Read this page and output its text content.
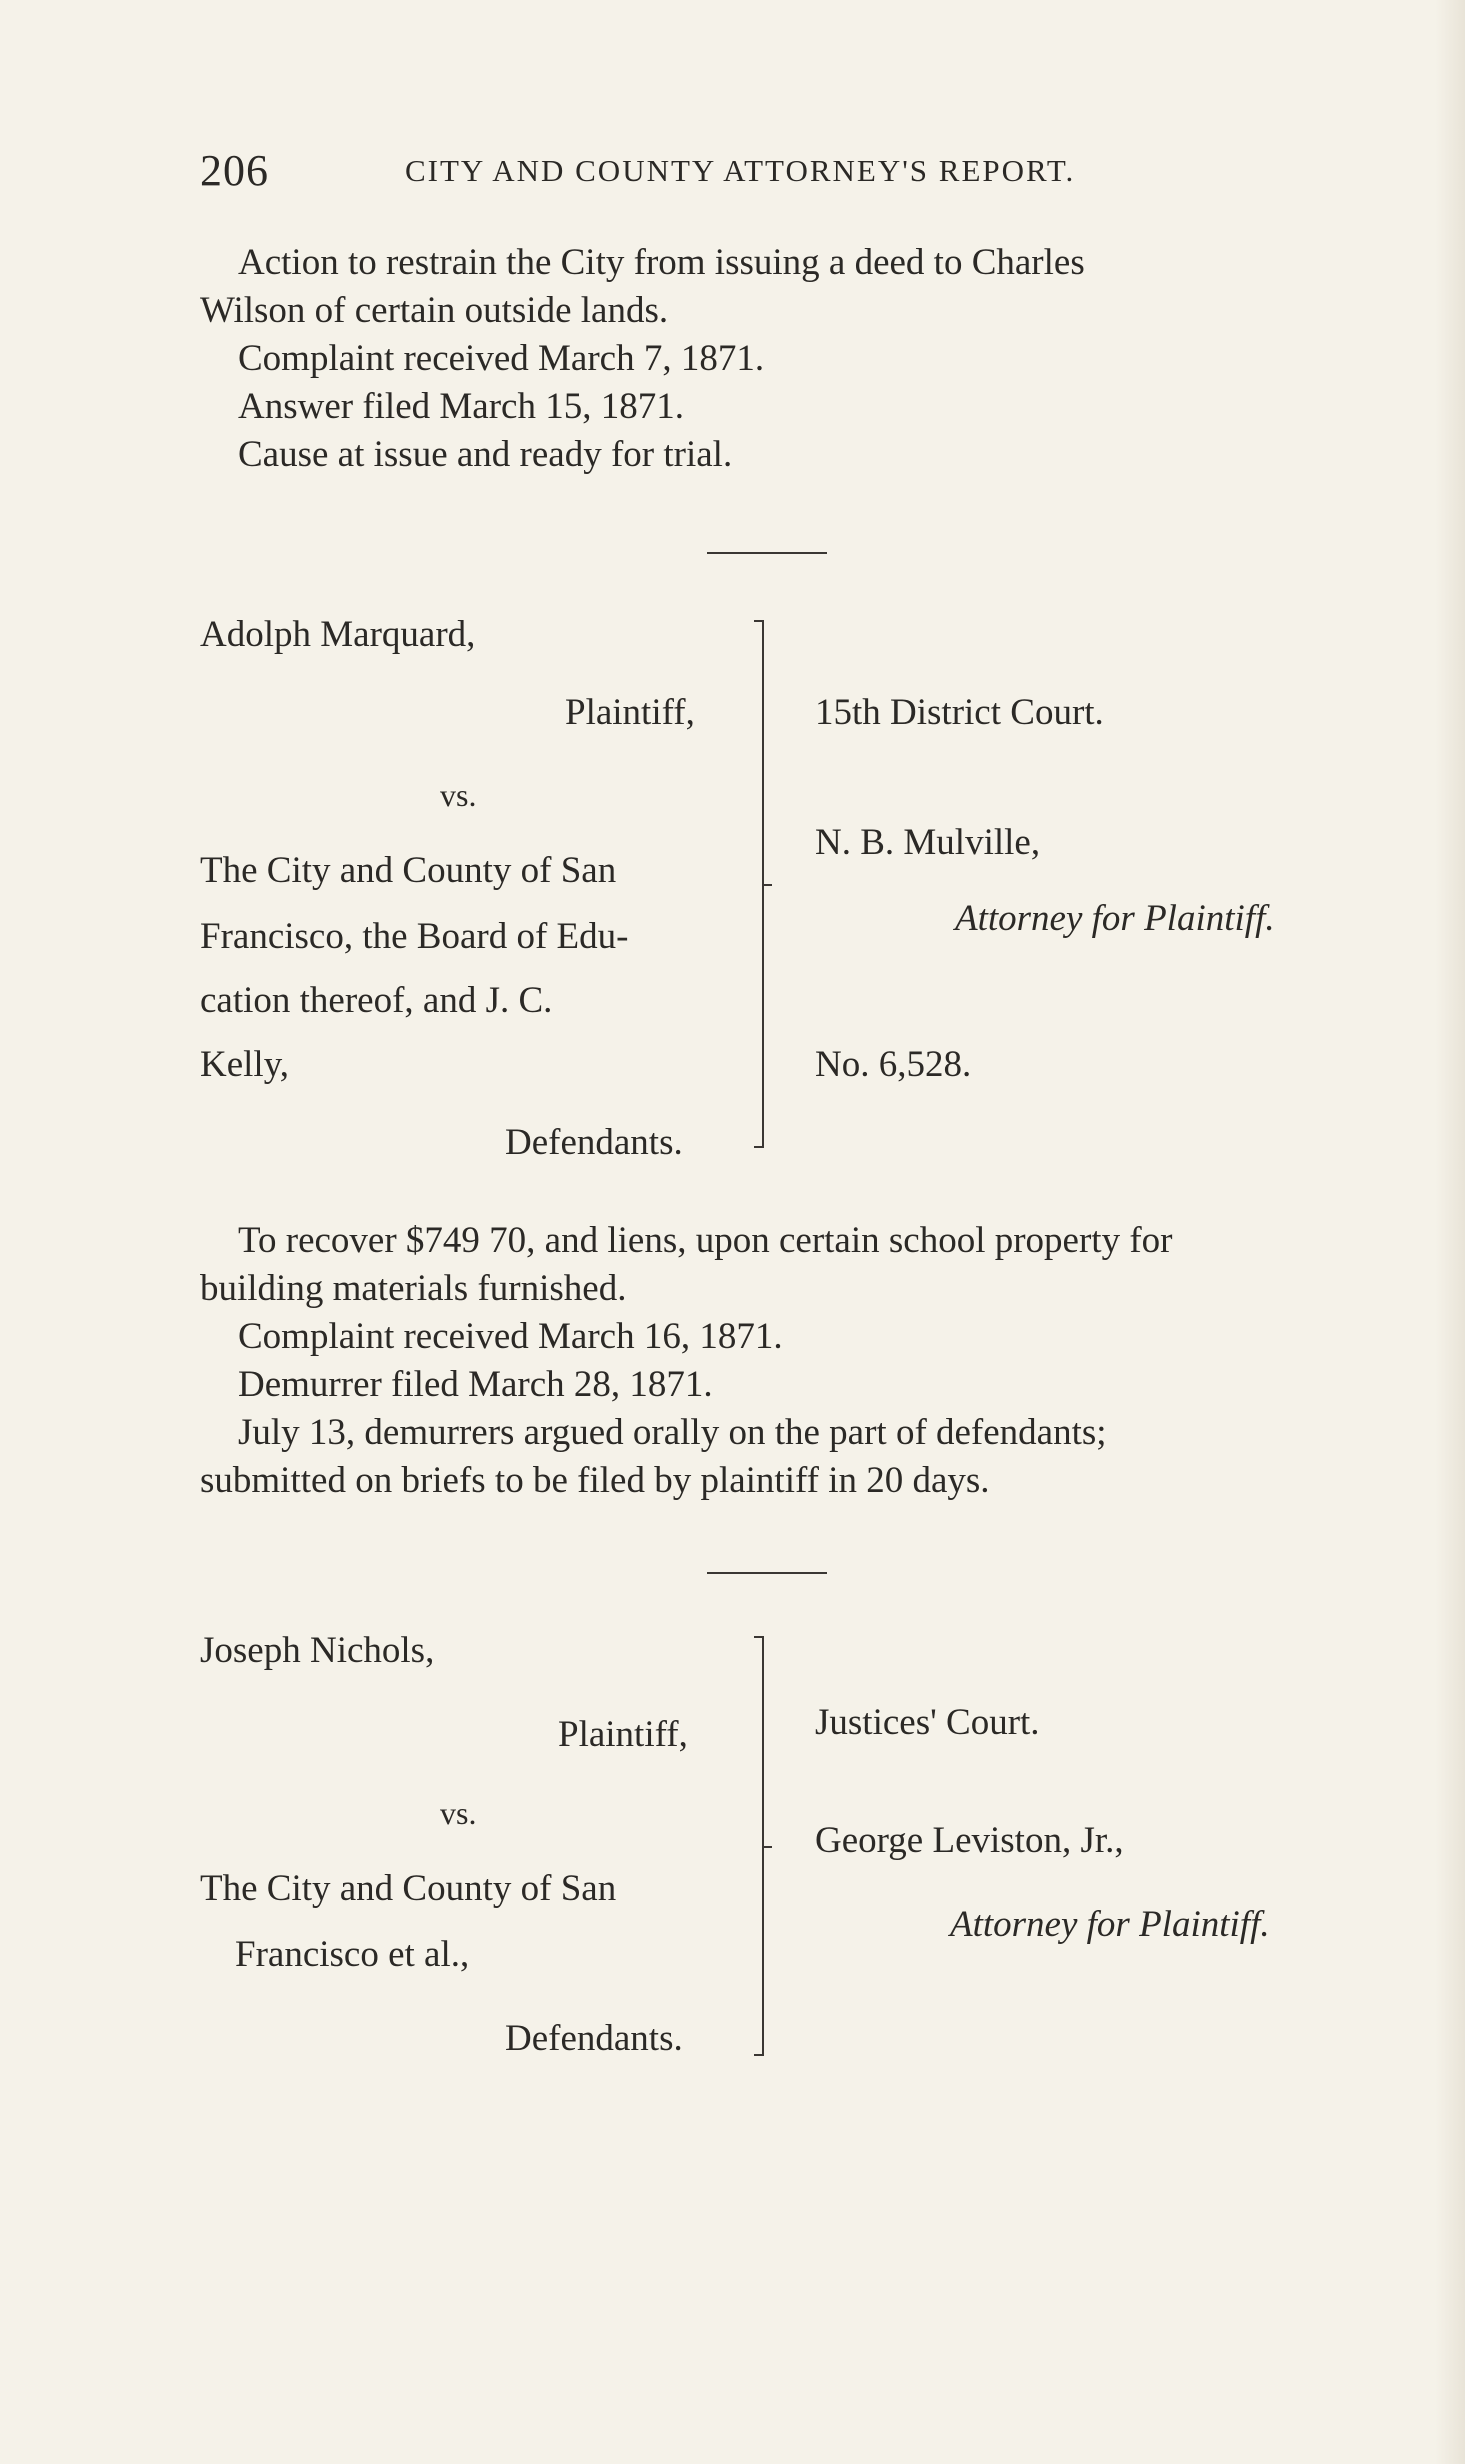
206	CITY AND COUNTY ATTORNEY'S REPORT.
Action to restrain the City from issuing a deed to Charles
Wilson of certain outside lands.
Complaint received March 7, 1871.
Answer filed March 15, 1871.
Cause at issue and ready for trial.
Adolph Marquard,
Plaintiff,
vs.
The City and County of San
Francisco, the Board of Edu-
cation thereof, and J. C.
Kelly,
Defendants.
15th District Court.
N. B. Mulville,
Attorney for Plaintiff.
No. 6,528.
To recover $749 70, and liens, upon certain school property for
building materials furnished.
Complaint received March 16, 1871.
Demurrer filed March 28, 1871.
July 13, demurrers argued orally on the part of defendants;
submitted on briefs to be filed by plaintiff in 20 days.
Joseph Nichols,
Plaintiff,
vs.
The City and County of San
Francisco et al.,
Defendants.
Justices' Court.
George Leviston, Jr.,
Attorney for Plaintiff.
